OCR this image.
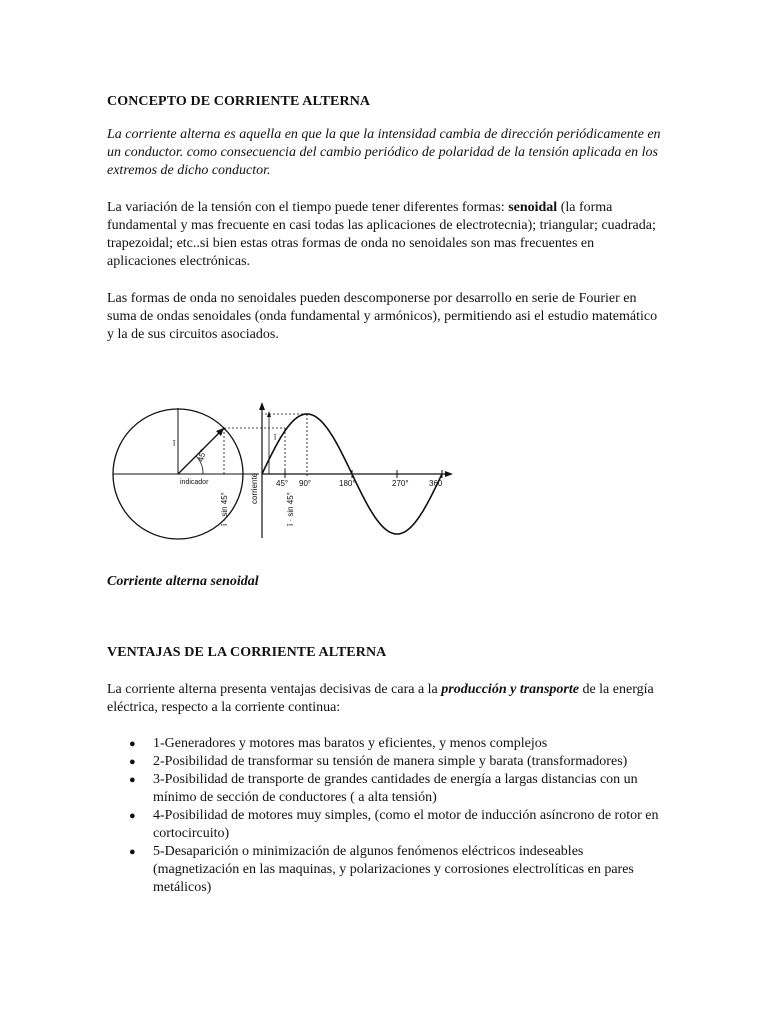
CONCEPTO DE CORRIENTE ALTERNA

La corriente alterna es aquella en que la que la intensidad cambia de dirección periódicamente en un conductor. como consecuencia del cambio periódico de polaridad de la tensión aplicada en los extremos de dicho conductor.

La variación de la tensión con el tiempo puede tener diferentes formas: senoidal (la forma fundamental y mas frecuente en casi todas las aplicaciones de electrotecnia); triangular; cuadrada; trapezoidal; etc..si bien estas otras formas de onda no senoidales son mas frecuentes en aplicaciones electrónicas.

Las formas de onda no senoidales pueden descomponerse por desarrollo en serie de Fourier en suma de ondas senoidales (onda fundamental y armónicos), permitiendo asi el estudio matemático y la de sus circuitos asociados.

î
î
45°
indicador	corriente
î · sin 45°	î · sin 45°
45° 90°	180°	270°	360

Corriente alterna senoidal

VENTAJAS DE LA CORRIENTE ALTERNA

La corriente alterna presenta ventajas decisivas de cara a la producción y transporte de la energía eléctrica, respecto a la corriente continua:

● 1-Generadores y motores mas baratos y eficientes, y menos complejos
● 2-Posibilidad de transformar su tensión de manera simple y barata (transformadores)
● 3-Posibilidad de transporte de grandes cantidades de energía a largas distancias con un mínimo de sección de conductores ( a alta tensión)
● 4-Posibilidad de motores muy simples, (como el motor de inducción asíncrono de rotor en cortocircuito)
● 5-Desaparición o minimización de algunos fenómenos eléctricos indeseables (magnetización en las maquinas, y polarizaciones y corrosiones electrolíticas en pares metálicos)
